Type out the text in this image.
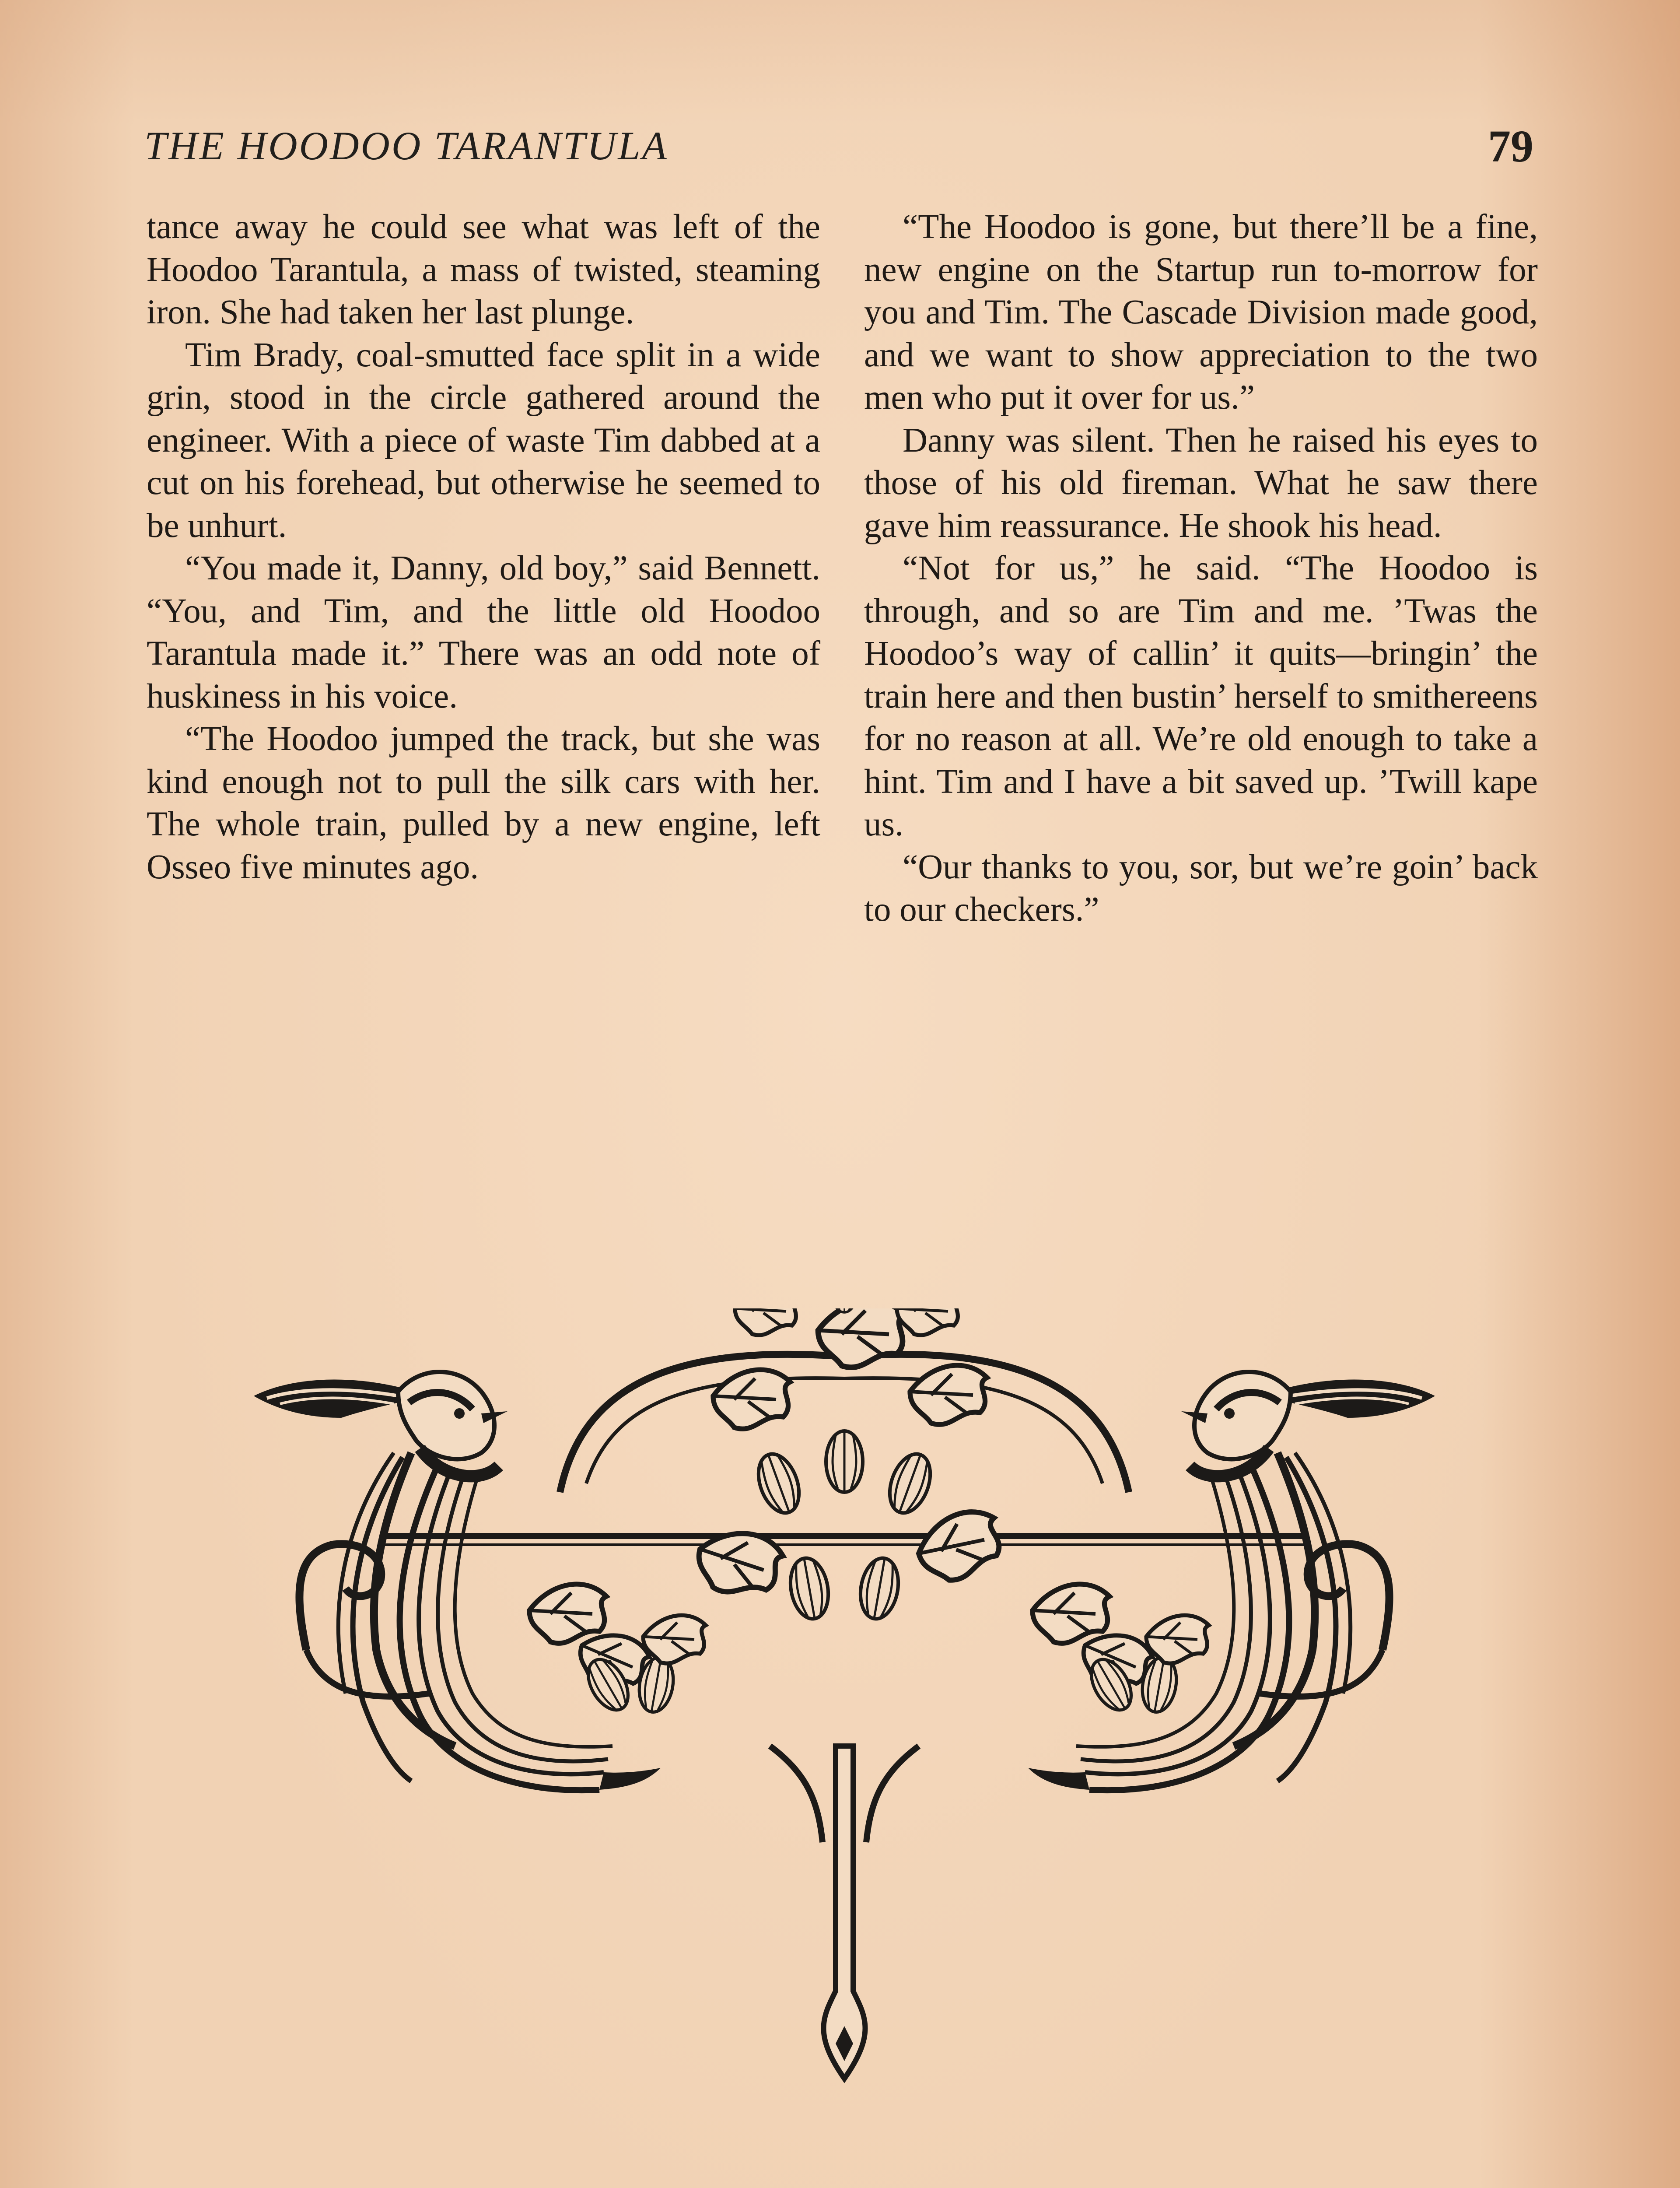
THE HOODOO TARANTULA	79

tance away he could see what was left of the Hoodoo Tarantula, a mass of twisted, steaming iron. She had taken her last plunge.

Tim Brady, coal-smutted face split in a wide grin, stood in the circle gathered around the engineer. With a piece of waste Tim dabbed at a cut on his forehead, but otherwise he seemed to be unhurt.

“You made it, Danny, old boy,” said Bennett. “You, and Tim, and the little old Hoodoo Tarantula made it.” There was an odd note of huskiness in his voice.

“The Hoodoo jumped the track, but she was kind enough not to pull the silk cars with her. The whole train, pulled by a new engine, left Osseo five minutes ago.

“The Hoodoo is gone, but there’ll be a fine, new engine on the Startup run to-morrow for you and Tim. The Cascade Division made good, and we want to show appreciation to the two men who put it over for us.”

Danny was silent. Then he raised his eyes to those of his old fireman. What he saw there gave him reassurance. He shook his head.

“Not for us,” he said. “The Hoodoo is through, and so are Tim and me. ’Twas the Hoodoo’s way of callin’ it quits—bringin’ the train here and then bustin’ herself to smithereens for no reason at all. We’re old enough to take a hint. Tim and I have a bit saved up. ’Twill kape us.

“Our thanks to you, sor, but we’re goin’ back to our checkers.”
